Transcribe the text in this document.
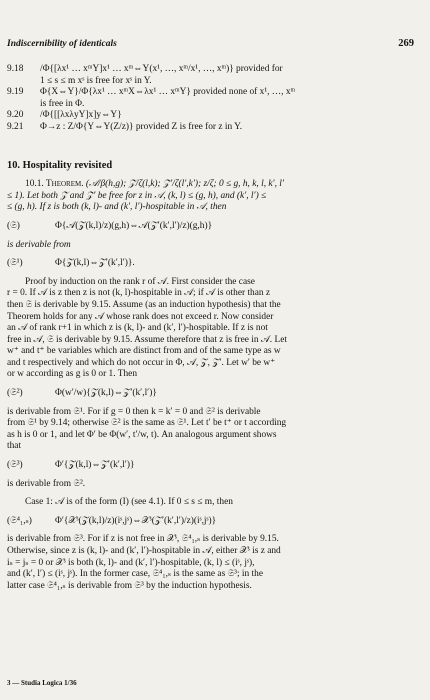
Indiscernibility of identicals	269
9.18	/Φ{[λx¹ … xᵐY]x¹ … xᵐ⇔Y(x¹, …, xᵐ/x¹, …, xᵐ)} provided for
1 ≤ s ≤ m xˢ is free for xˢ in Y.
9.19	Φ{X⇔Y}/Φ{λx¹ … xᵐX⇔λx¹ … xᵐY} provided none of x¹, …, xᵐ
is free in Φ.
9.20	/Φ{[[λxλyY]x]y⇔Y}
9.21	Φ→z : Z/Φ{Y⇔Y(Z/z)} provided Z is free for z in Y.
10. Hospitality revisited
10.1. Theorem. (𝒜/β(h,g); 𝒵/ζ(l,k); 𝒵′/ζ(l′,k′); z/ζ; 0 ≤ g, h, k, l, k′, l′
≤ 1). Let both 𝒵 and 𝒵′ be free for z in 𝒜, (k, l) ≤ (g, h), and (k′, l′) ≤
≤ (g, h). If z is both (k, l)- and (k′, l′)-hospitable in 𝒜, then
(𝔖)	Φ{𝒜(𝒵(k,l)/z)(g,h)⇔𝒜(𝒵′(k′,l′)/z)(g,h)}
is derivable from
(𝔖¹)	Φ{𝒵(k,l)⇔𝒵′(k′,l′)}.
Proof by induction on the rank r of 𝒜. First consider the case
r = 0. If 𝒜 is z then z is not (k, l)-hospitable in 𝒜; if 𝒜 is other than z
then 𝔖 is derivable by 9.15. Assume (as an induction hypothesis) that the
Theorem holds for any 𝒜 whose rank does not exceed r. Now consider
an 𝒜 of rank r+1 in which z is (k, l)- and (k′, l′)-hospitable. If z is not
free in 𝒜, 𝔖 is derivable by 9.15. Assume therefore that z is free in 𝒜. Let
w⁺ and t⁺ be variables which are distinct from and of the same type as w
and t respectively and which do not occur in Φ, 𝒜, 𝒵, 𝒵′. Let w′ be w⁺
or w according as g is 0 or 1. Then
(𝔖²)	Φ(w′/w){𝒵(k,l)⇔𝒵′(k′,l′)}
is derivable from 𝔖¹. For if g = 0 then k = k′ = 0 and 𝔖² is derivable
from 𝔖¹ by 9.14; otherwise 𝔖² is the same as 𝔖¹. Let t′ be t⁺ or t according
as h is 0 or 1, and let Φ′ be Φ(w′, t′/w, t). An analogous argument shows
that
(𝔖³)	Φ′{𝒵(k,l)⇔𝒵′(k′,l′)}
is derivable from 𝔖².
Case 1: 𝒜 is of the form (I) (see 4.1). If 0 ≤ s ≤ m, then
(𝔖⁴₁,ₛ)	Φ′{𝒳ˢ(𝒵(k,l)/z)(iˢ,jˢ)⇔𝒳ˢ(𝒵′(k′,l′)/z)(iˢ,jˢ)}
is derivable from 𝔖³. For if z is not free in 𝒳ˢ, 𝔖⁴₁,ₛ is derivable by 9.15.
Otherwise, since z is (k, l)- and (k′, l′)-hospitable in 𝒜, either 𝒳ˢ is z and
iₛ = jₛ = 0 or 𝒳ˢ is both (k, l)- and (k′, l′)-hospitable, (k, l) ≤ (iˢ, jˢ),
and (k′, l′) ≤ (iˢ, jˢ). In the former case, 𝔖⁴₁,ₛ is the same as 𝔖³; in the
latter case 𝔖⁴₁,ₛ is derivable from 𝔖³ by the induction hypothesis.
3 — Studia Logica 1/36
